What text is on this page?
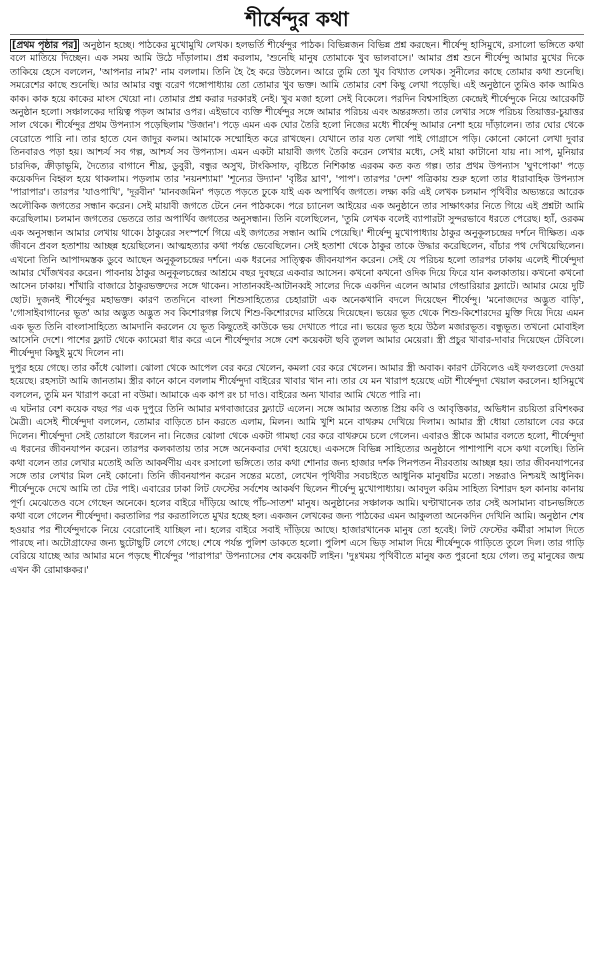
শীর্ষেন্দুর কথা

[প্রথম পৃষ্ঠার পর] অনুষ্ঠান হচ্ছে। পাঠকের মুখোমুখি লেখক। হলভর্তি শীর্ষেন্দুর পাঠক। বিভিন্নজন বিভিন্ন প্রশ্ন করছেন। শীর্ষেন্দু হাসিমুখে, রসালো ভঙ্গিতে কথা বলে মাতিয়ে দিচ্ছেন। এক সময় আমি উঠে দাঁড়ালাম। প্রশ্ন করলাম, 'শুনেছি মানুষ তোমাকে খুব ভালবাসে।' আমার প্রশ্ন শুনে শীর্ষেন্দু আমার মুখের দিকে তাকিয়ে হেসে বললেন, 'আপনার নাম?' নাম বললাম। তিনি হৈ হৈ করে উঠলেন। আরে তুমি তো খুব বিখ্যাত লেখক। সুনীলের কাছে তোমার কথা শুনেছি। সমরেশের কাছে শুনেছি। আর আমার বন্ধু বরেণ গঙ্গোপাধ্যায় তো তোমার খুব ভক্ত। আমি তোমার বেশ কিছু লেখা পড়েছি। এই অনুষ্ঠানে তুমিও কাক আমিও কাক। কাক হয়ে কাকের মাংস খেয়ো না। তোমার প্রশ্ন করার দরকারই নেই। খুব মজা হলো সেই বিকেলে। পরদিন বিশ্বসাহিত্য কেন্দ্রেই শীর্ষেন্দুকে নিয়ে আরেকটি অনুষ্ঠান হলো। সঞ্চালকের দায়িত্ব পড়ল আমার ওপর। এইভাবে ব্যক্তি শীর্ষেন্দুর সঙ্গে আমার পরিচয় এবং অন্তরঙ্গতা। তার লেখার সঙ্গে পরিচয় তিয়াত্তর-চুয়াত্তর সাল থেকে। শীর্ষেন্দুর প্রথম উপন্যাস পড়েছিলাম 'উজান'। পড়ে এমন এক ঘোর তৈরি হলো নিজের মধ্যে শীর্ষেন্দু আমার নেশা হয়ে দাঁড়ালেন। তার ঘোর থেকে বেরোতে পারি না। তার হাতে যেন জাদুর কলম। আমাকে সম্মোহিত করে রাখছেন। যেখানে তার যত লেখা পাই গোগ্রাসে পড়ি। কোনো কোনো লেখা দুবার তিনবারও পড়া হয়। আশ্চর্য সব গল্প, আশ্চর্য সব উপন্যাস। এমন একটা মায়াবী জগৎ তৈরি করেন লেখার মধ্যে, সেই মায়া কাটানো যায় না। সাপ, মুনিয়ার চারদিক, ক্রীড়াভূমি, দৈত্যের বাগানে শীঘ্র, ডুবুরী, বন্ধুর অসুখ, টাংকিসাফ, বৃষ্টিতে নিশিকান্ত এরকম কত কত গল্প। তার প্রথম উপন্যাস 'ঘুণপোকা' পড়ে কয়েকদিন বিহ্বল হয়ে থাকলাম। পড়লাম তার 'নয়নশ্যামা' 'শূন্যের উদ্যান' 'বৃষ্টির ঘ্রাণ', 'পাপ'। তারপর 'দেশ' পত্রিকায় শুরু হলো তার ধারাবাহিক উপন্যাস 'পারাপার'। তারপর 'যাওপাখি', 'দূরবীন' 'মানবজমিন' পড়তে পড়তে ঢুকে যাই এক অপার্থিব জগতে। লক্ষ্য করি এই লেখক চলমান পৃথিবীর অভ্যন্তরে আরেক অলৌকিক জগতের সন্ধান করেন। সেই মায়াবী জগতে টেনে নেন পাঠককে। পরে চ্যানেল আইয়ের এক অনুষ্ঠানে তার সাক্ষাৎকার নিতে গিয়ে এই প্রশ্নটা আমি করেছিলাম। চলমান জগতের ভেতরে তার অপার্থিব জগতের অনুসন্ধান। তিনি বলেছিলেন, 'তুমি লেখক বলেই ব্যাপারটা সুন্দরভাবে ধরতে পেরেছ। হ্যাঁ, ওরকম এক অনুসন্ধান আমার লেখায় থাকে। ঠাকুরের সংস্পর্শে গিয়ে এই জগতের সন্ধান আমি পেয়েছি।' শীর্ষেন্দু মুখোপাধ্যায় ঠাকুর অনুকূলচন্দ্রের দর্শনে দীক্ষিত। এক জীবনে প্রবল হতাশায় আচ্ছন্ন হয়েছিলেন। আত্মহত্যার কথা পর্যন্ত ভেবেছিলেন। সেই হতাশা থেকে ঠাকুর তাকে উদ্ধার করেছিলেন, বাঁচার পথ দেখিয়েছিলেন। এখনো তিনি আপাদমস্তক ডুবে আছেন অনুকূলচন্দ্রের দর্শনে। এক ধরনের সাত্ত্বিক জীবনযাপন করেন। সেই যে পরিচয় হলো তারপর ঢাকায় এলেই শীর্ষেন্দুদা আমার খোঁজখবর করেন। পাবনায় ঠাকুর অনুকূলচন্দ্রের আশ্রমে বছর দুবছরে একবার আসেন। কখনো কখনো ওদিক দিয়ে ফিরে যান কলকাতায়। কখনো কখনো আসেন ঢাকায়। শাঁখারি বাজারে ঠাকুরভক্তদের সঙ্গে থাকেন। সাতানব্বই-আটানব্বই সালের দিকে একদিন এলেন আমার গেন্ডারিয়ার ফ্ল্যাটে। আমার মেয়ে দুটি ছোট। দুজনই শীর্ষেন্দুর মহাভক্ত। কারণ ততদিনে বাংলা শিশুসাহিত্যের চেহারাটা এক অনেকখানি বদলে দিয়েছেন শীর্ষেন্দু। 'মনোজদের অদ্ভুত বাড়ি', 'গোসাইবাগানের ভূত' আর অদ্ভুত অদ্ভুত সব কিশোরগল্প লিখে শিশু-কিশোরদের মাতিয়ে দিয়েছেন। ভয়ের ভূত থেকে শিশু-কিশোরদের মুক্তি দিয়ে দিয়ে এমন এক ভূত তিনি বাংলাসাহিত্যে আমদানি করলেন যে ভূত কিছুতেই কাউকে ভয় দেখাতে পারে না। ভয়ের ভূত হয়ে উঠল মজারভূত। বন্ধুভূত। তখনো মোবাইল আসেনি দেশে। পাশের ফ্ল্যাট থেকে ক্যামেরা ধার করে এনে শীর্ষেন্দুদার সঙ্গে বেশ কয়েকটা ছবি তুলল আমার মেয়েরা। স্ত্রী প্রচুর খাবার-দাবার দিয়েছেন টেবিলে। শীর্ষেন্দুদা কিছুই মুখে দিলেন না।

দুপুর হয়ে গেছে। তার কাঁধে ঝোলা। ঝোলা থেকে আপেল বের করে খেলেন, কমলা বের করে খেলেন। আমার স্ত্রী অবাক। কারণ টেবিলেও এই ফলগুলো দেওয়া হয়েছে। রহস্যটা আমি জানতাম। স্ত্রীর কানে কানে বললাম শীর্ষেন্দুদা বাইরের খাবার খান না। তার যে মন খারাপ হয়েছে এটা শীর্ষেন্দুদা খেয়াল করলেন। হাসিমুখে বললেন, তুমি মন খারাপ করো না বউমা। আমাকে এক কাপ রং চা দাও। বাইরের অন্য খাবার আমি খেতে পারি না।

এ ঘটনার বেশ কয়েক বছর পর এক দুপুরে তিনি আমার মগবাজারের ফ্ল্যাটে এলেন। সঙ্গে আমার অত্যন্ত প্রিয় কবি ও আবৃত্তিকার, অভিধান রচয়িতা রবিশংকর মৈত্রী। এসেই শীর্ষেন্দুদা বললেন, তোমার বাড়িতে চান করতে এলাম, মিলন। আমি খুশি মনে বাথরুম দেখিয়ে দিলাম। আমার স্ত্রী ধোয়া তোয়ালে বের করে দিলেন। শীর্ষেন্দুদা সেই তোয়ালে ধরলেন না। নিজের ঝোলা থেকে একটা গামছা বের করে বাথরুমে চলে গেলেন। এবারও স্ত্রীকে আমার বলতে হলো, শীর্ষেন্দুদা এ ধরনের জীবনযাপন করেন। তারপর কলকাতায় তার সঙ্গে অনেকবার দেখা হয়েছে। একসঙ্গে বিভিন্ন সাহিত্যের অনুষ্ঠানে পাশাপাশি বসে কথা বলেছি। তিনি কথা বলেন তার লেখার মতোই অতি আকর্ষণীয় এবং রসালো ভঙ্গিতে। তার কথা শোনার জন্য হাজার দর্শক পিনপতন নীরবতায় আচ্ছন্ন হয়। তার জীবনযাপনের সঙ্গে তার লেখার মিল নেই কোনো। তিনি জীবনযাপন করেন সন্তের মতো, লেখেন পৃথিবীর সবচাইতে আধুনিক মানুষটির মতো। সন্তরাও নিশ্চয়ই আধুনিক। শীর্ষেন্দুকে দেখে আমি তা টের পাই। এবারের ঢাকা লিট ফেস্টের সর্বশেষ আকর্ষণ ছিলেন শীর্ষেন্দু মুখোপাধ্যায়। আবদুল করিম সাহিত্য বিশারদ হল কানায় কানায় পূর্ণ। মেঝেতেও বসে গেছেন অনেকে। হলের বাইরে দাঁড়িয়ে আছে পাঁচ-সাতশ' মানুষ। অনুষ্ঠানের সঞ্চালক আমি। ঘণ্টাখানেক তার সেই অসামান্য বাচনভঙ্গিতে কথা বলে গেলেন শীর্ষেন্দুদা। করতালির পর করতালিতে মুখর হচ্ছে হল। একজন লেখকের জন্য পাঠকের এমন আকুলতা অনেকদিন দেখিনি আমি। অনুষ্ঠান শেষ হওয়ার পর শীর্ষেন্দুদাকে নিয়ে বেরোনোই যাচ্ছিল না। হলের বাইরে সবাই দাঁড়িয়ে আছে। হাজারখানেক মানুষ তো হবেই। লিট ফেস্টের কর্মীরা সামাল দিতে পারছে না। অটোগ্রাফের জন্য ছুটোছুটি লেগে গেছে। শেষে পর্যন্ত পুলিশ ডাকতে হলো। পুলিশ এসে ভিড় সামাল দিয়ে শীর্ষেন্দুকে গাড়িতে তুলে দিল। তার গাড়ি বেরিয়ে যাচ্ছে আর আমার মনে পড়ছে শীর্ষেন্দুর 'পারাপার' উপন্যাসের শেষ কয়েকটি লাইন। 'দুঃখময় পৃথিবীতে মানুষ কত পুরনো হয়ে গেল। তবু মানুষের জন্ম এখন কী রোমাঞ্চকর।'
